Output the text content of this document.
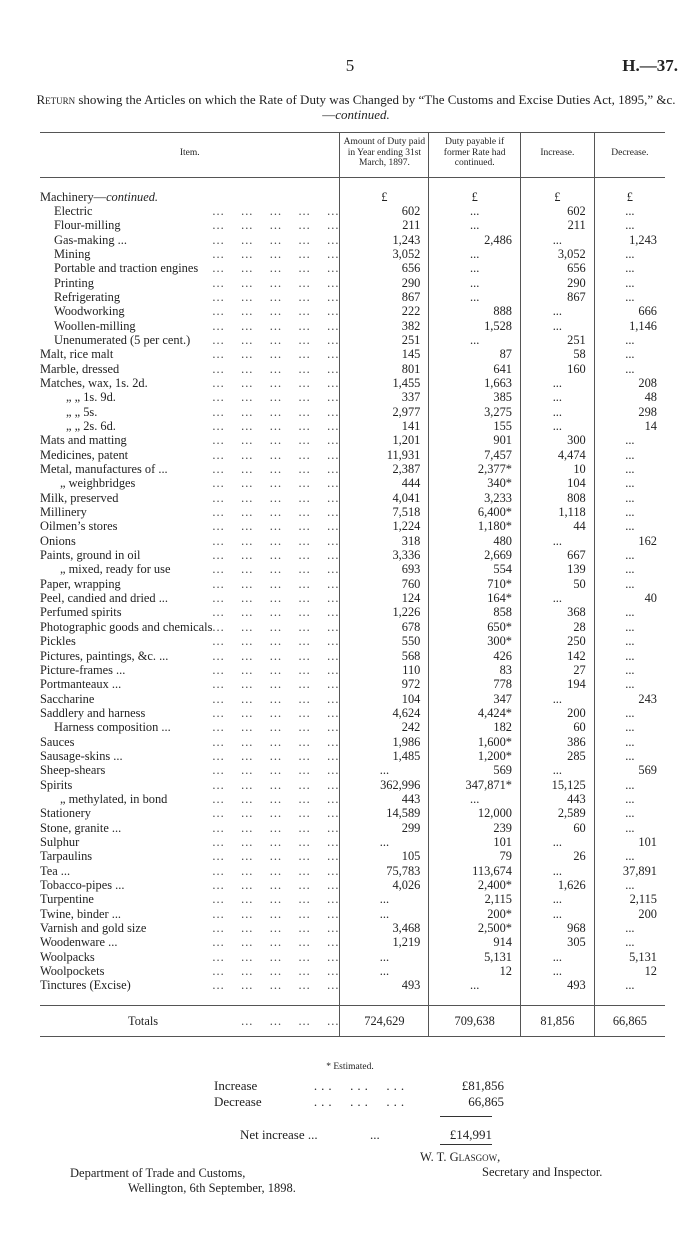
5	H.—37.
Return showing the Articles on which the Rate of Duty was Changed by “The Customs and Excise Duties Act, 1895,” &c.—continued.
Item.	Amount of Duty paid in Year ending 31st March, 1897.	Duty payable if former Rate had continued.	Increase.	Decrease.

Machinery— continued.	£	£	£	£

Electric ...    ...    ...    ...    ...	602	...	602	...

Flour-milling ...    ...    ...    ...    ...	211	...	211	...

Gas-making ... ...    ...    ...    ...    ...	1,243	2,486	...	1,243

Mining ...    ...    ...    ...    ...	3,052	...	3,052	...

Portable and traction engines ...    ...    ...    ...    ...	656	...	656	...

Printing ...    ...    ...    ...    ...	290	...	290	...

Refrigerating ...    ...    ...    ...    ...	867	...	867	...

Woodworking ...    ...    ...    ...    ...	222	888	...	666

Woollen-milling ...    ...    ...    ...    ...	382	1,528	...	1,146

Unenumerated (5 per cent.) ...    ...    ...    ...    ...	251	...	251	...

Malt, rice malt ...    ...    ...    ...    ...	145	87	58	...

Marble, dressed ...    ...    ...    ...    ...	801	641	160	...

Matches, wax, 1s. 2d. ...    ...    ...    ...    ...	1,455	1,663	...	208

„ „ 1s. 9d. ...    ...    ...    ...    ...	337	385	...	48

„ „ 5s. ...    ...    ...    ...    ...	2,977	3,275	...	298

„ „ 2s. 6d. ...    ...    ...    ...    ...	141	155	...	14

Mats and matting ...    ...    ...    ...    ...	1,201	901	300	...

Medicines, patent ...    ...    ...    ...    ...	11,931	7,457	4,474	...

Metal, manufactures of ... ...    ...    ...    ...    ...	2,387	2,377*	10	...

„ weighbridges ...    ...    ...    ...    ...	444	340*	104	...

Milk, preserved ...    ...    ...    ...    ...	4,041	3,233	808	...

Millinery ...    ...    ...    ...    ...	7,518	6,400*	1,118	...

Oilmen’s stores ...    ...    ...    ...    ...	1,224	1,180*	44	...

Onions ...    ...    ...    ...    ...	318	480	...	162

Paints, ground in oil ...    ...    ...    ...    ...	3,336	2,669	667	...

„ mixed, ready for use ...    ...    ...    ...    ...	693	554	139	...

Paper, wrapping ...    ...    ...    ...    ...	760	710*	50	...

Peel, candied and dried ... ...    ...    ...    ...    ...	124	164*	...	40

Perfumed spirits ...    ...    ...    ...    ...	1,226	858	368	...

Photographic goods and chemicals ...    ...    ...    ...    ...	678	650*	28	...

Pickles ...    ...    ...    ...    ...	550	300*	250	...

Pictures, paintings, &c. ... ...    ...    ...    ...    ...	568	426	142	...

Picture-frames ... ...    ...    ...    ...    ...	110	83	27	...

Portmanteaux ... ...    ...    ...    ...    ...	972	778	194	...

Saccharine ...    ...    ...    ...    ...	104	347	...	243

Saddlery and harness ...    ...    ...    ...    ...	4,624	4,424*	200	...

Harness composition ... ...    ...    ...    ...    ...	242	182	60	...

Sauces ...    ...    ...    ...    ...	1,986	1,600*	386	...

Sausage-skins ... ...    ...    ...    ...    ...	1,485	1,200*	285	...

Sheep-shears ...    ...    ...    ...    ...	...	569	...	569

Spirits ...    ...    ...    ...    ...	362,996	347,871*	15,125	...

„ methylated, in bond ...    ...    ...    ...    ...	443	...	443	...

Stationery ...    ...    ...    ...    ...	14,589	12,000	2,589	...

Stone, granite ... ...    ...    ...    ...    ...	299	239	60	...

Sulphur ...    ...    ...    ...    ...	...	101	...	101

Tarpaulins ...    ...    ...    ...    ...	105	79	26	...

Tea ... ...    ...    ...    ...    ...	75,783	113,674	...	37,891

Tobacco-pipes ... ...    ...    ...    ...    ...	4,026	2,400*	1,626	...

Turpentine ...    ...    ...    ...    ...	...	2,115	...	2,115

Twine, binder ... ...    ...    ...    ...    ...	...	200*	...	200

Varnish and gold size ...    ...    ...    ...    ...	3,468	2,500*	968	...

Woodenware ... ...    ...    ...    ...    ...	1,219	914	305	...

Woolpacks ...    ...    ...    ...    ...	...	5,131	...	5,131

Woolpockets ...    ...    ...    ...    ...	...	12	...	12

Tinctures (Excise) ...    ...    ...    ...    ...	493	...	493	...

Totals ...    ...    ...    ...	724,629	709,638	81,856	66,865
* Estimated.
Increase	...  ...  ...	£81,856
Decrease	...  ...  ...	66,865
Net increase ...	...	£14,991
W. T. Glasgow,
Secretary and Inspector.
Department of Trade and Customs,
Wellington, 6th September, 1898.
